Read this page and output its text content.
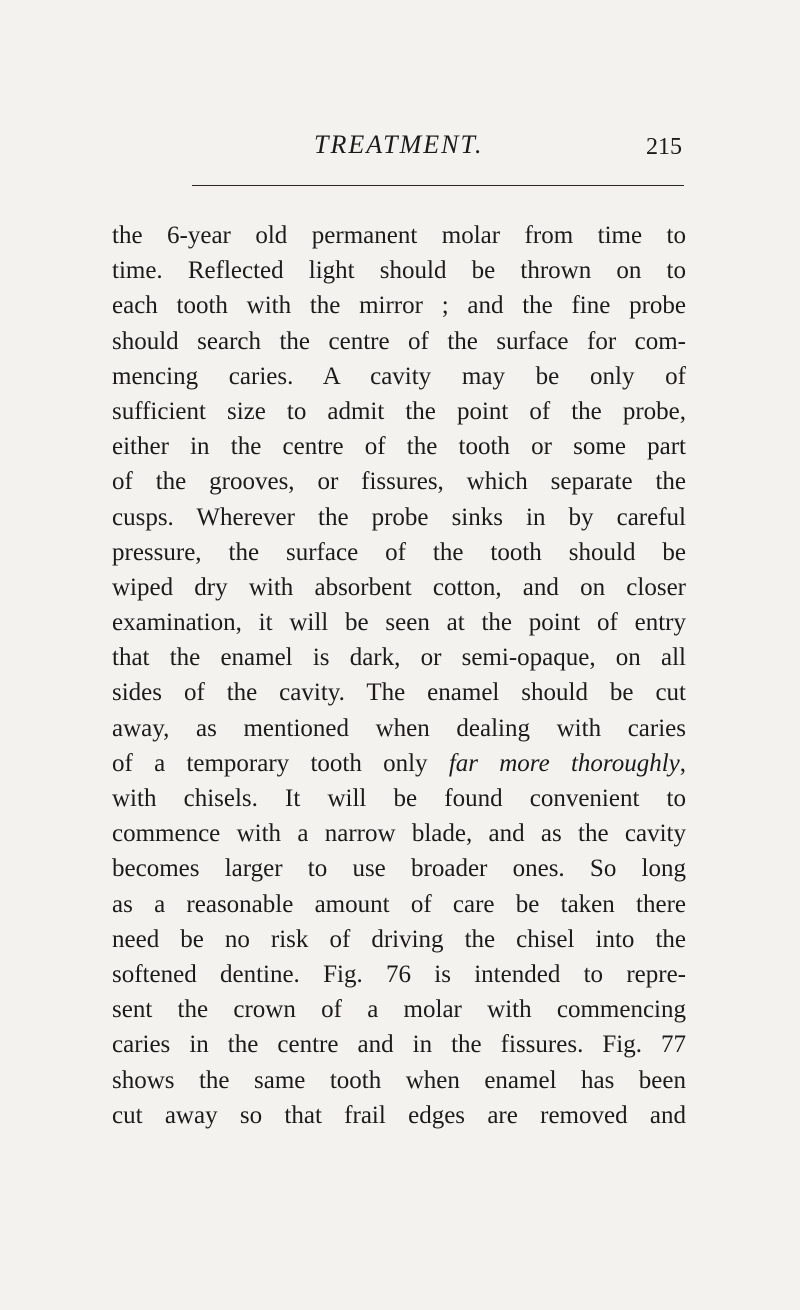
TREATMENT.	215
the 6-year old permanent molar from time to
time. Reflected light should be thrown on to
each tooth with the mirror ; and the fine probe
should search the centre of the surface for com-
mencing caries. A cavity may be only of
sufficient size to admit the point of the probe,
either in the centre of the tooth or some part
of the grooves, or fissures, which separate the
cusps. Wherever the probe sinks in by careful
pressure, the surface of the tooth should be
wiped dry with absorbent cotton, and on closer
examination, it will be seen at the point of entry
that the enamel is dark, or semi-opaque, on all
sides of the cavity. The enamel should be cut
away, as mentioned when dealing with caries
of a temporary tooth only far more thoroughly,
with chisels. It will be found convenient to
commence with a narrow blade, and as the cavity
becomes larger to use broader ones. So long
as a reasonable amount of care be taken there
need be no risk of driving the chisel into the
softened dentine. Fig. 76 is intended to repre-
sent the crown of a molar with commencing
caries in the centre and in the fissures. Fig. 77
shows the same tooth when enamel has been
cut away so that frail edges are removed and
